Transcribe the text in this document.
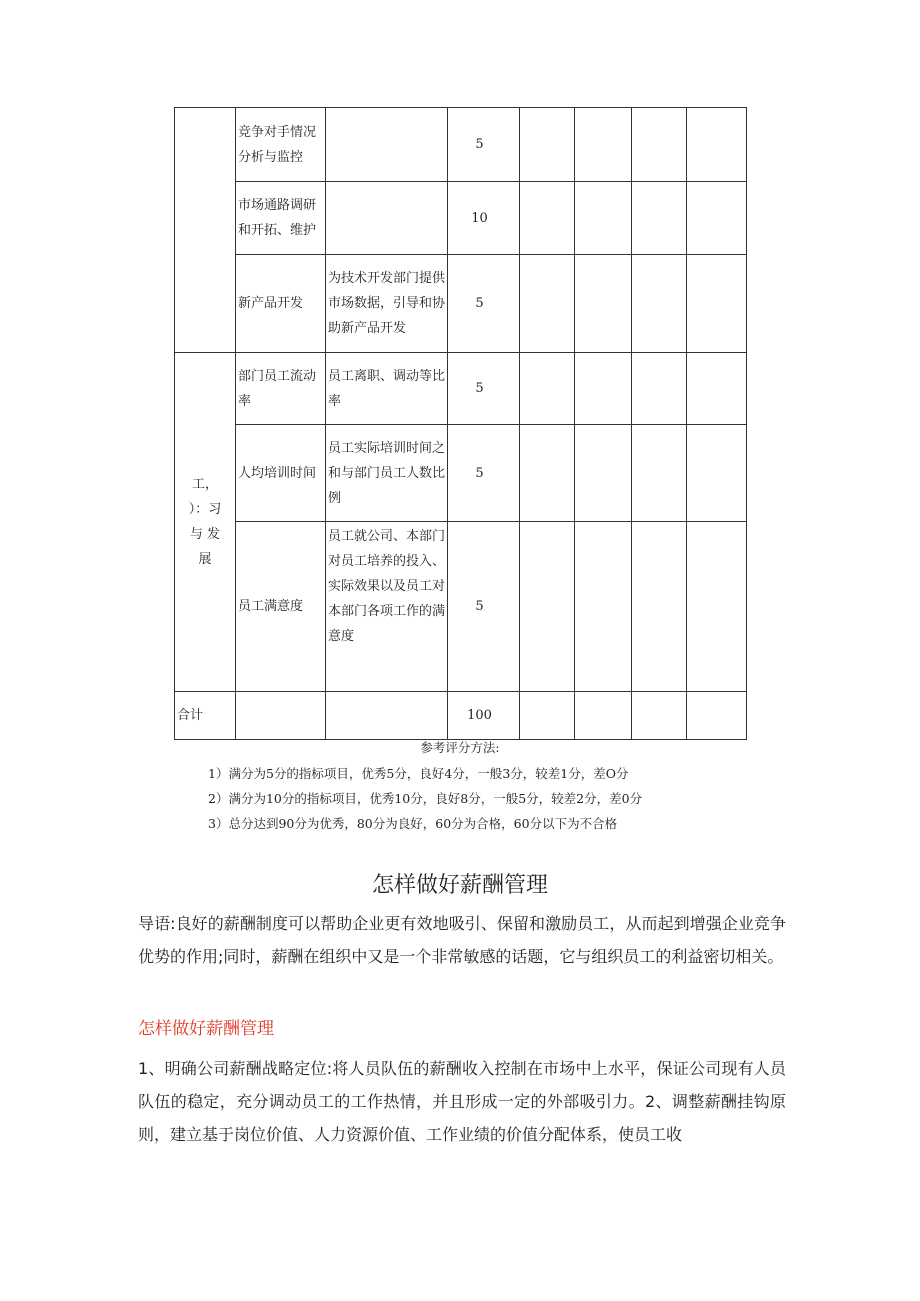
	竞争对手情况分析与监控		5				
	市场通路调研和开拓、维护		10				
	新产品开发	为技术开发部门提供市场数据，引导和协助新产品开发	5				

工，
）：习
与 发
展	部门员工流动率	员工离职、调动等比率	5				
	人均培训时间	员工实际培训时间之和与部门员工人数比例	5				
	员工满意度	员工就公司、本部门对员工培养的投入、实际效果以及员工对本部门各项工作的满意度	5				
合计			100				
参考评分方法:
1）满分为5分的指标项目，优秀5分，良好4分，一般3分，较差1分，差O分
2）满分为10分的指标项目，优秀10分，良好8分，一般5分，较差2分，差0分
3）总分达到90分为优秀，80分为良好，60分为合格，60分以下为不合格
怎样做好薪酬管理
导语:良好的薪酬制度可以帮助企业更有效地吸引、保留和激励员工，从而起到增强企业竞争优势的作用;同时，薪酬在组织中又是一个非常敏感的话题，它与组织员工的利益密切相关。
怎样做好薪酬管理
1、明确公司薪酬战略定位:将人员队伍的薪酬收入控制在市场中上水平，保证公司现有人员队伍的稳定，充分调动员工的工作热情，并且形成一定的外部吸引力。2、调整薪酬挂钩原则，建立基于岗位价值、人力资源价值、工作业绩的价值分配体系，使员工收
